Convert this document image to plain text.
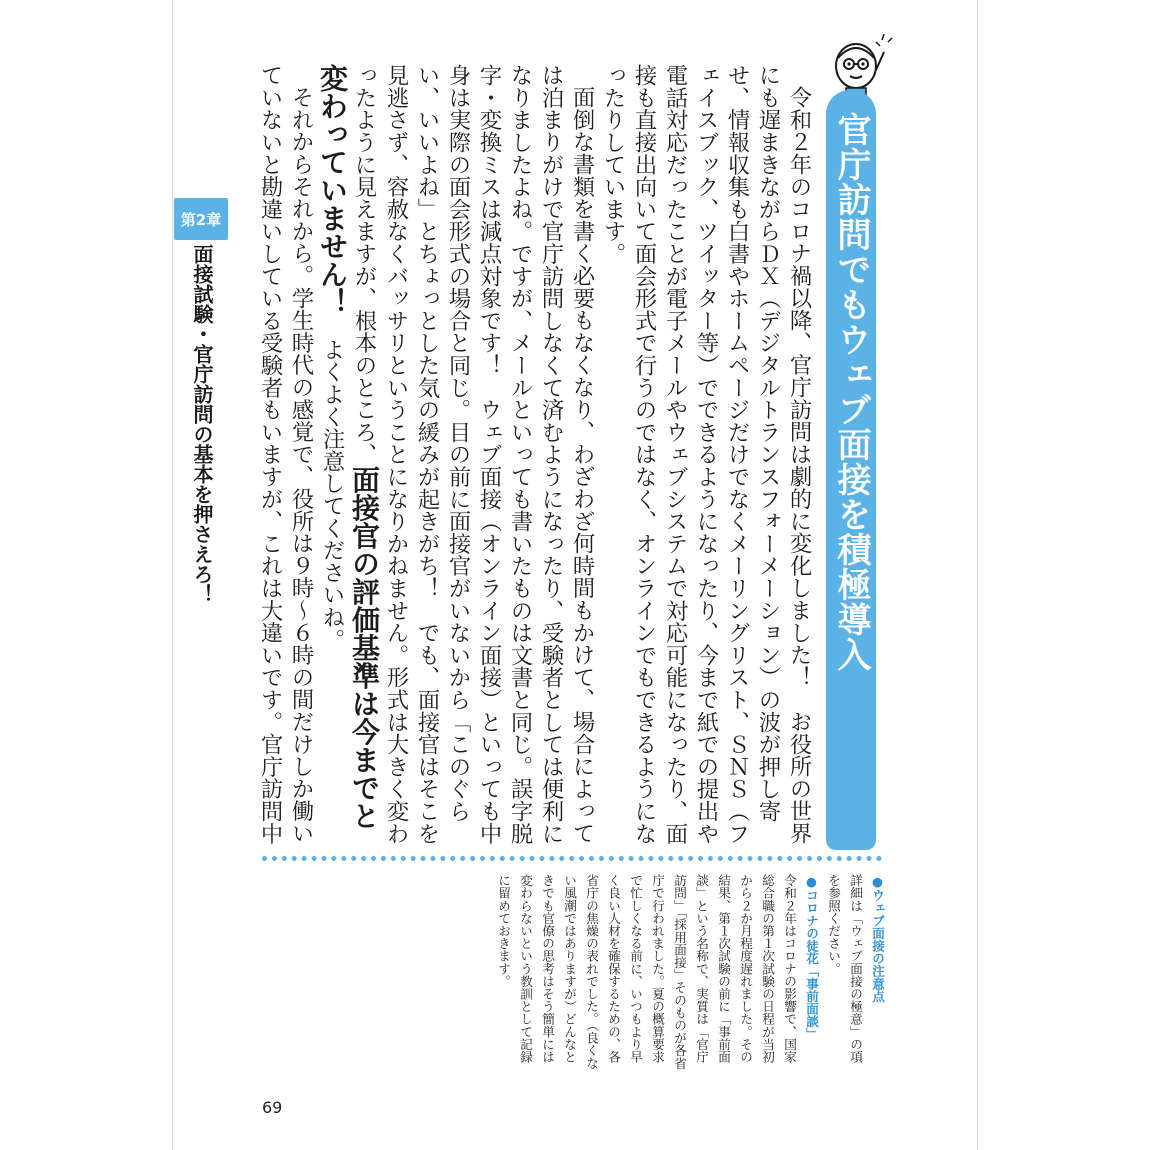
官庁訪問でもウェブ面接を積極導入
第2章
面接試験・官庁訪問の基本を押さえろ！	令和２年のコロナ禍以降、官庁訪問は劇的に変化しました！　お役所の世界にも遅まきながらＤＸ（デジタルトランスフォーメーション）の波が押し寄せ、情報収集も白書やホームページだけでなくメーリングリスト、ＳＮＳ（フェイスブック、ツイッター等）でできるようになったり、今まで紙での提出や電話対応だったことが電子メールやウェブシステムで対応可能になったり、面接も直接出向いて面会形式で行うのではなく、オンラインでもできるようになったりしています。

面倒な書類を書く必要もなくなり、わざわざ何時間もかけて、場合によっては泊まりがけで官庁訪問しなくて済むようになったり、受験者としては便利になりましたよね。ですが、メールといっても書いたものは文書と同じ。誤字脱字・変換ミスは減点対象です！　ウェブ面接（オンライン面接）といっても中身は実際の面会形式の場合と同じ。目の前に面接官がいないから「このぐらい、いいよね」とちょっとした気の緩みが起きがち！　でも、面接官はそこを見逃さず、容赦なくバッサリということになりかねません。形式は大きく変わったように見えますが、根本のところ、面接官の評価基準は今までと変わっていません！　よくよく注意してくださいね。

それからそれから。学生時代の感覚で、役所は９時〜６時の間だけしか働いていないと勘違いしている受験者もいますが、これは大違いです。官庁訪問中

●ウェブ面接の注意点

詳細は「ウェブ面接の極意」の項を参照ください。

●コロナの徒花「事前面談」

令和２年はコロナの影響で、国家総合職の第１次試験の日程が当初から２か月程度遅れました。その結果、第１次試験の前に「事前面談」という名称で、実質は「官庁訪問」「採用面接」そのものが各省庁で行われました。夏の概算要求で忙しくなる前に、いつもより早く良い人材を確保するための、各省庁の焦燥の表れでした。（良くない風潮ではありますが）どんなときでも官僚の思考はそう簡単には変わらないという教訓として記録に留めておきます。

69
